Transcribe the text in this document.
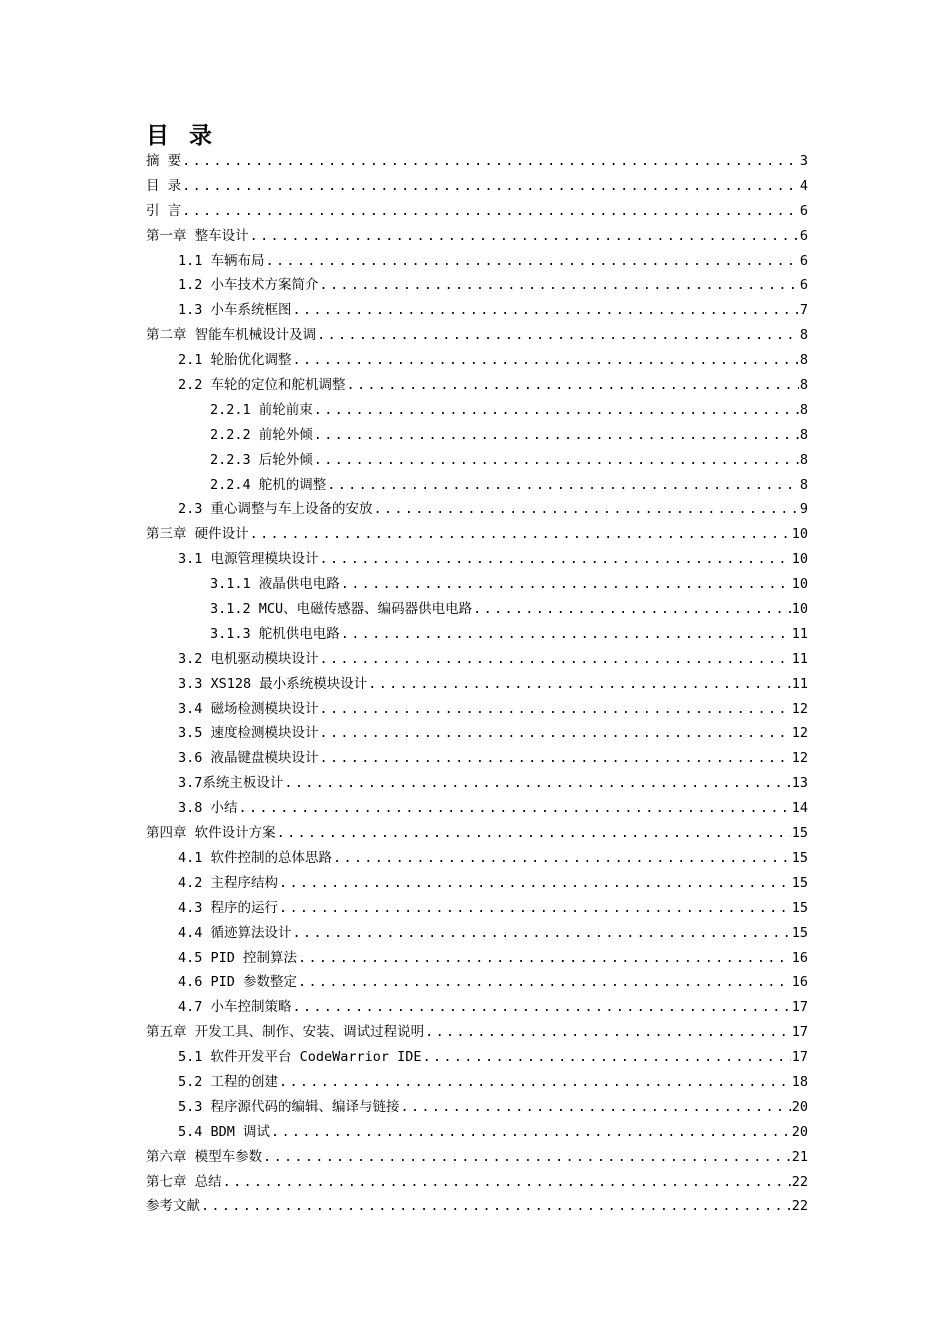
目 录
摘 要 .....	3
目 录 .....	4
引 言 .....	6
第一章 整车设计 .....	6
1.1 车辆布局 .....	6
1.2 小车技术方案简介 .....	6
1.3 小车系统框图 .....	7
第二章 智能车机械设计及调 .....	8
2.1 轮胎优化调整 .....	8
2.2 车轮的定位和舵机调整 .....	8
2.2.1 前轮前束 .....	8
2.2.2 前轮外倾 .....	8
2.2.3 后轮外倾 .....	8
2.2.4 舵机的调整 .....	8
2.3 重心调整与车上设备的安放 .....	9
第三章 硬件设计 .....	10
3.1 电源管理模块设计 .....	10
3.1.1 液晶供电电路 .....	10
3.1.2 MCU、电磁传感器、编码器供电电路 .....	10
3.1.3 舵机供电电路 .....	11
3.2 电机驱动模块设计 .....	11
3.3 XS128 最小系统模块设计 .....	11
3.4 磁场检测模块设计 .....	12
3.5 速度检测模块设计 .....	12
3.6 液晶键盘模块设计 .....	12
3.7系统主板设计 .....	13
3.8 小结 .....	14
第四章 软件设计方案 .....	15
4.1 软件控制的总体思路 .....	15
4.2 主程序结构 .....	15
4.3 程序的运行 .....	15
4.4 循迹算法设计 .....	15
4.5 PID 控制算法 .....	16
4.6 PID 参数整定 .....	16
4.7 小车控制策略 .....	17
第五章 开发工具、制作、安装、调试过程说明 .....	17
5.1 软件开发平台 CodeWarrior IDE .....	17
5.2 工程的创建 .....	18
5.3 程序源代码的编辑、编译与链接 .....	20
5.4 BDM 调试 .....	20
第六章 模型车参数 .....	21
第七章 总结 .....	22
参考文献 .....	22
